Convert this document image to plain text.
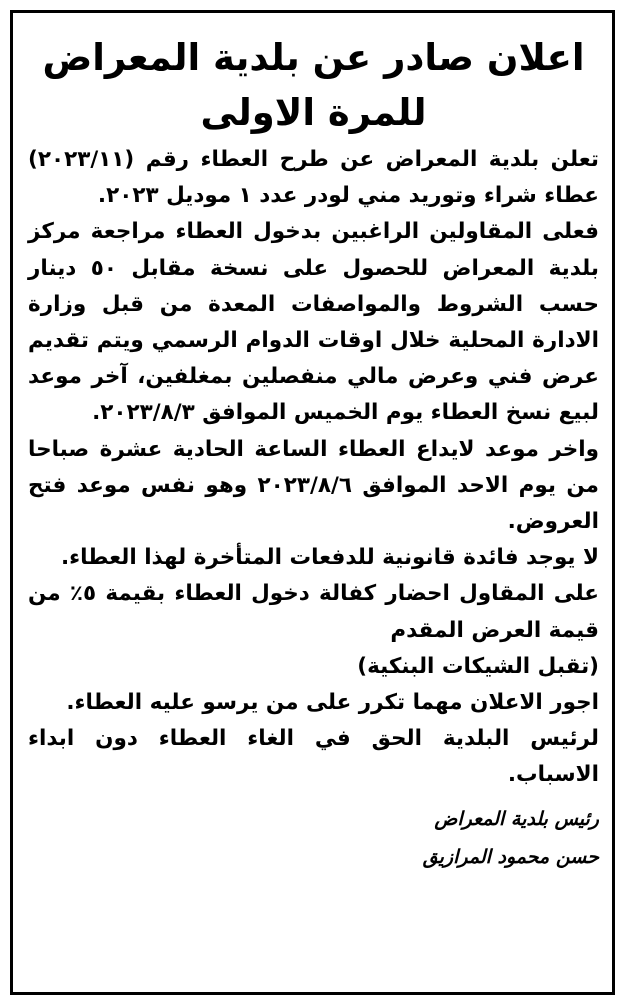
اعلان صادر عن بلدية المعراض
للمرة الاولى

تعلن بلدية المعراض عن طرح العطاء رقم (٢٠٢٣/١١) عطاء شراء وتوريد مني لودر عدد ١ موديل ٢٠٢٣.

فعلى المقاولين الراغبين بدخول العطاء مراجعة مركز بلدية المعراض للحصول على نسخة مقابل ٥٠ دينار حسب الشروط والمواصفات المعدة من قبل وزارة الادارة المحلية خلال اوقات الدوام الرسمي ويتم تقديم عرض فني وعرض مالي منفصلين بمغلفين، آخر موعد لبيع نسخ العطاء يوم الخميس الموافق ٢٠٢٣/٨/٣.

واخر موعد لايداع العطاء الساعة الحادية عشرة صباحا من يوم الاحد الموافق ٢٠٢٣/٨/٦ وهو نفس موعد فتح العروض.

لا يوجد فائدة قانونية للدفعات المتأخرة لهذا العطاء.

على المقاول احضار كفالة دخول العطاء بقيمة ٥٪ من قيمة العرض المقدم

(تقبل الشيكات البنكية)

اجور الاعلان مهما تكرر على من يرسو عليه العطاء.

لرئيس البلدية الحق في الغاء العطاء دون ابداء الاسباب.

رئيس بلدية المعراض
حسن محمود المرازيق
